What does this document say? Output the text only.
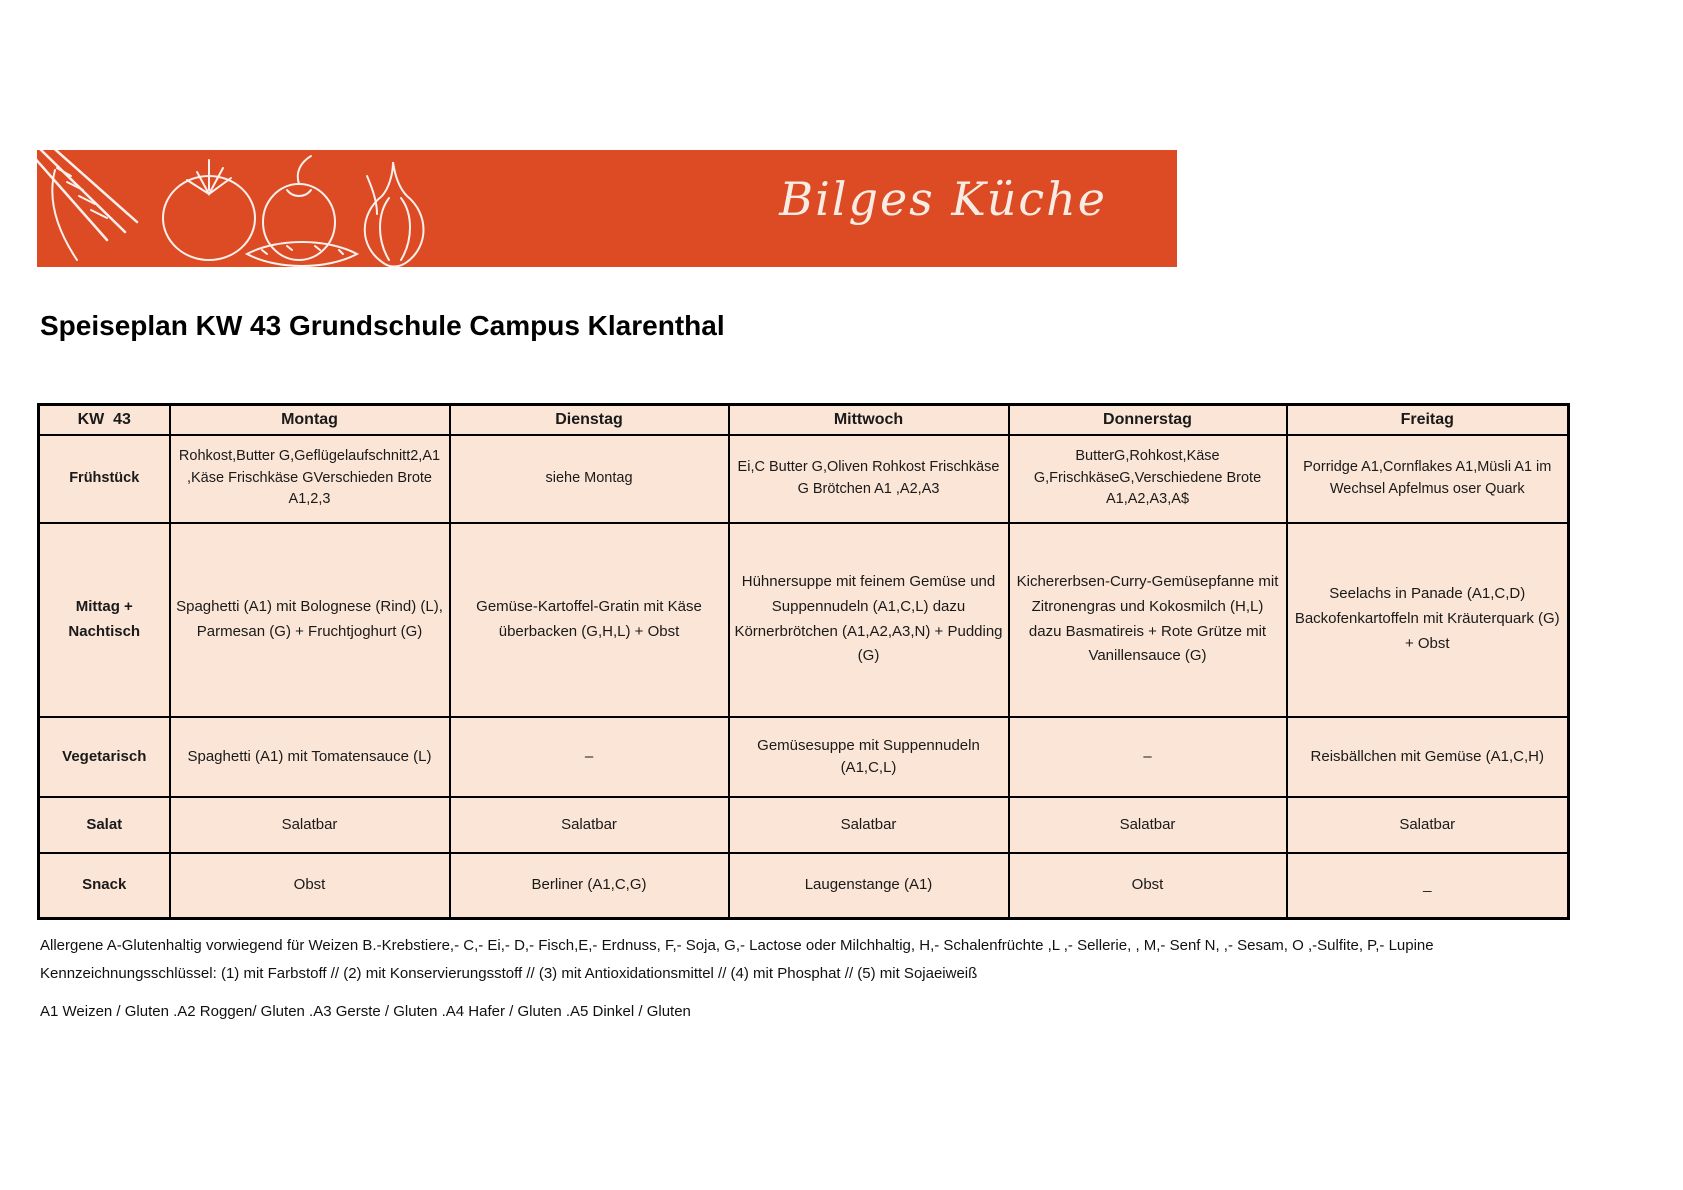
Bilges Küche
Speiseplan KW 43 Grundschule Campus Klarenthal
KW  43	Montag	Dienstag	Mittwoch	Donnerstag	Freitag
Frühstück	Rohkost,Butter G,Geflügelaufschnitt2,A1 ,Käse Frischkäse GVerschieden Brote A1,2,3	siehe Montag	Ei,C Butter G,Oliven Rohkost Frischkäse G Brötchen A1 ,A2,A3	ButterG,Rohkost,Käse G,FrischkäseG,Verschiedene Brote A1,A2,A3,A$	Porridge A1,Cornflakes A1,Müsli A1 im Wechsel Apfelmus oser Quark
Mittag + Nachtisch	Spaghetti (A1) mit Bolognese (Rind) (L), Parmesan (G) + Fruchtjoghurt (G)	Gemüse-Kartoffel-Gratin mit Käse überbacken (G,H,L) + Obst	Hühnersuppe mit feinem Gemüse und Suppennudeln (A1,C,L) dazu Körnerbrötchen (A1,A2,A3,N) + Pudding (G)	Kichererbsen-Curry-Gemüsepfanne mit Zitronengras und Kokosmilch (H,L) dazu Basmatireis + Rote Grütze mit Vanillensauce (G)	Seelachs in Panade (A1,C,D) Backofenkartoffeln mit Kräuterquark (G) + Obst
Vegetarisch	Spaghetti (A1) mit Tomatensauce (L)	–	Gemüsesuppe mit Suppennudeln (A1,C,L)	–	Reisbällchen mit Gemüse (A1,C,H)
Salat	Salatbar	Salatbar	Salatbar	Salatbar	Salatbar
Snack	Obst	Berliner (A1,C,G)	Laugenstange (A1)	Obst	_
Allergene A-Glutenhaltig vorwiegend für Weizen B.-Krebstiere,- C,- Ei,- D,- Fisch,E,- Erdnuss, F,- Soja, G,- Lactose oder Milchhaltig, H,- Schalenfrüchte ,L ,- Sellerie, , M,- Senf N, ,- Sesam, O ,-Sulfite, P,- Lupine
Kennzeichnungsschlüssel: (1) mit Farbstoff // (2) mit Konservierungsstoff // (3) mit Antioxidationsmittel // (4) mit Phosphat // (5) mit Sojaeiweiß
A1 Weizen / Gluten .A2 Roggen/ Gluten .A3 Gerste / Gluten .A4 Hafer / Gluten .A5 Dinkel / Gluten
